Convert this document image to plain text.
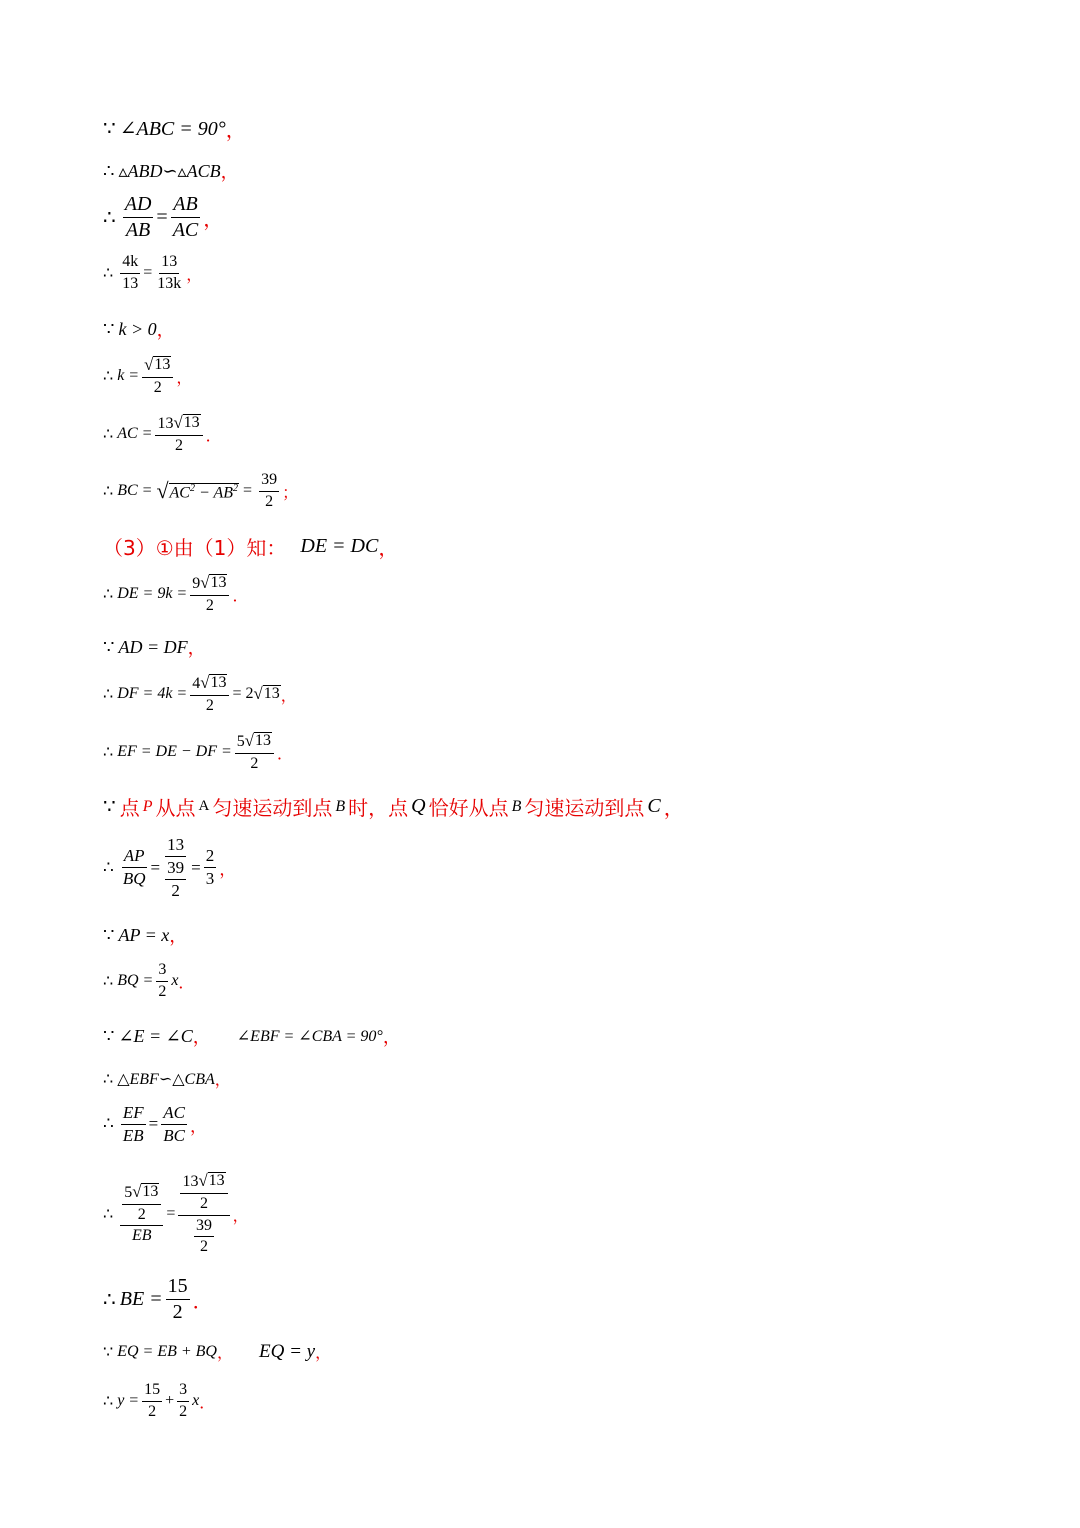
∵ ∠ABC = 90° ，
∴ ▵ABD∽▵ACB ，
∴ $\frac{AD}{AB} = \frac{AB}{AC}$ ，
∴ $\frac{4k}{13} = \frac{13}{13k}$ ，
∵ k > 0 ，
∴ $k = \frac{√ 13}{2}$ ，
∴ AC = $\frac{13 √ 13}{2}$ ．
∴ BC = √ $AC^2 - AB^2 = \frac{39}{2}$ ；
（3）①由（1）知： DE = DC ，
∴ DE = $9k = \frac{9 √ 13}{2}$ ．
∵ AD = DF ，
∴ DF = $4k = \frac{4 √ 13}{2} = 2$ √ 13 ，
∴ EF = DE − DF = $\frac{5 √ 13}{2}$ ．
∵ 点 P 从点 A 匀速运动到点 B 时，点 Q 恰好从点 B 匀速运动到点 C ，
∴ $\frac{AP}{BQ} = \frac{13}{\frac{39}{2}} = \frac{2}{3}$ ，
∵ AP = x ，
∴ BQ = $\frac{3}{2}$ x ．
∵ ∠E = ∠C ， ∠EBF = ∠CBA = 90° ，
∴ △EBF∽△CBA ，
∴ $\frac{EF}{EB} = \frac{AC}{BC}$ ，
∴ $\frac{\frac{5 √ 13}{2}}{EB} = \frac{\frac{13 √ 13}{2}}{\frac{39}{2}}$ ，
∴ BE = $\frac{15}{2}$ ．
∵ EQ = EB + BQ ， EQ = y ，
∴ $y = \frac{15}{2} + \frac{3}{2}$ x ．
